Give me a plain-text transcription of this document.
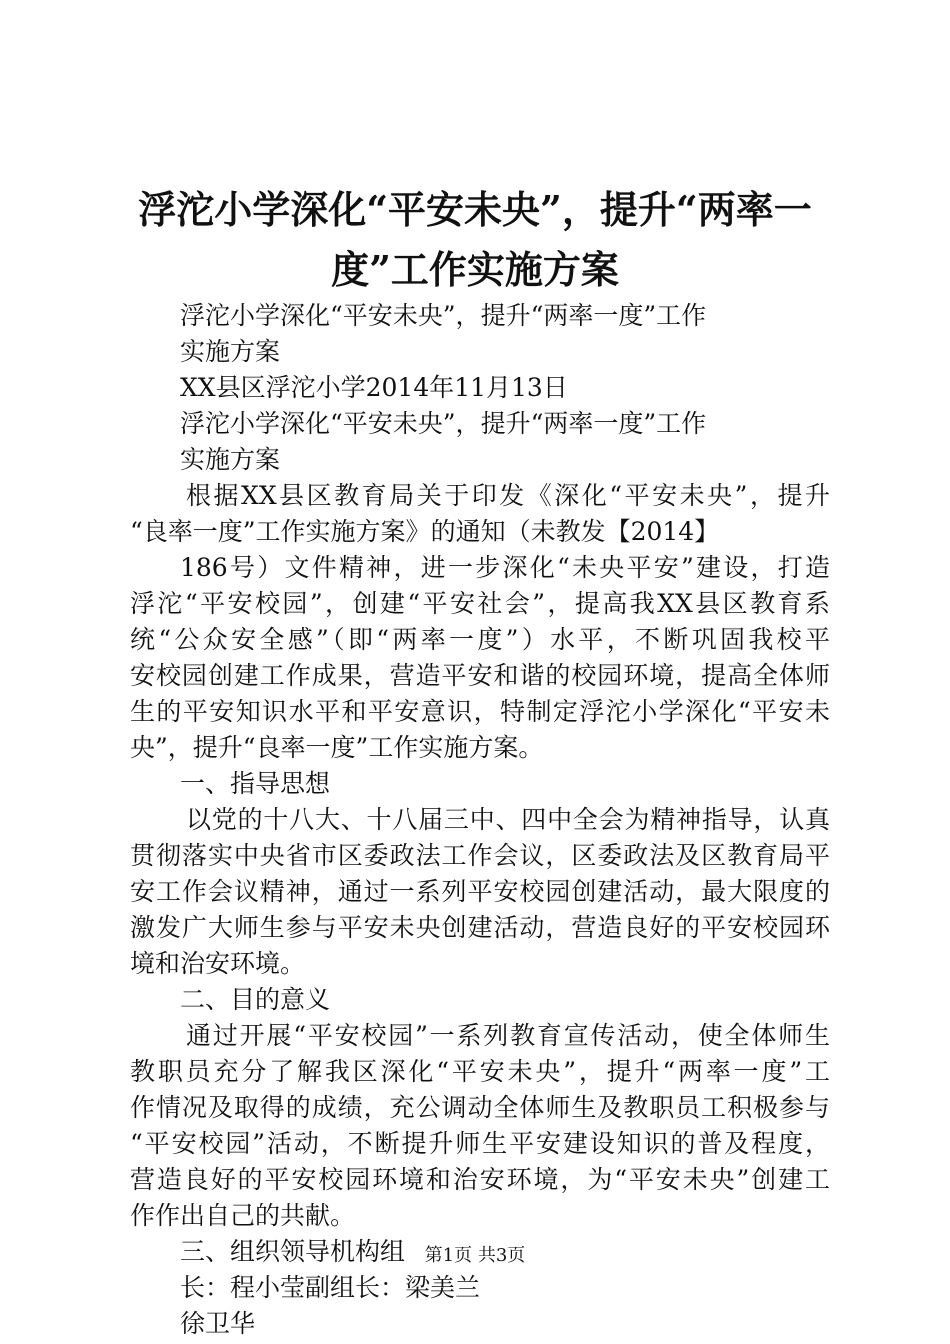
浮沱小学深化“平安未央”，提升“两率一
度”工作实施方案
浮沱小学深化“平安未央”，提升“两率一度”工作
实施方案
XX县区浮沱小学2014年11月13日
浮沱小学深化“平安未央”，提升“两率一度”工作
实施方案
根据XX县区教育局关于印发《深化“平安未央”，提升
“良率一度”工作实施方案》的通知（未教发【2014】
186号）文件精神，进一步深化“未央平安”建设，打造
浮沱“平安校园”，创建“平安社会”，提高我XX县区教育系
统“公众安全感”（即“两率一度”）水平，不断巩固我校平
安校园创建工作成果，营造平安和谐的校园环境，提高全体师
生的平安知识水平和平安意识，特制定浮沱小学深化“平安未
央”，提升“良率一度”工作实施方案。
一、指导思想
以党的十八大、十八届三中、四中全会为精神指导，认真
贯彻落实中央省市区委政法工作会议，区委政法及区教育局平
安工作会议精神，通过一系列平安校园创建活动，最大限度的
激发广大师生参与平安未央创建活动，营造良好的平安校园环
境和治安环境。
二、目的意义
通过开展“平安校园”一系列教育宣传活动，使全体师生
教职员充分了解我区深化“平安未央”，提升“两率一度”工
作情况及取得的成绩，充公调动全体师生及教职员工积极参与
“平安校园”活动，不断提升师生平安建设知识的普及程度，
营造良好的平安校园环境和治安环境，为“平安未央”创建工
作作出自己的共献。
三、组织领导机构组
长：程小莹副组长：梁美兰
徐卫华
第1页 共3页
